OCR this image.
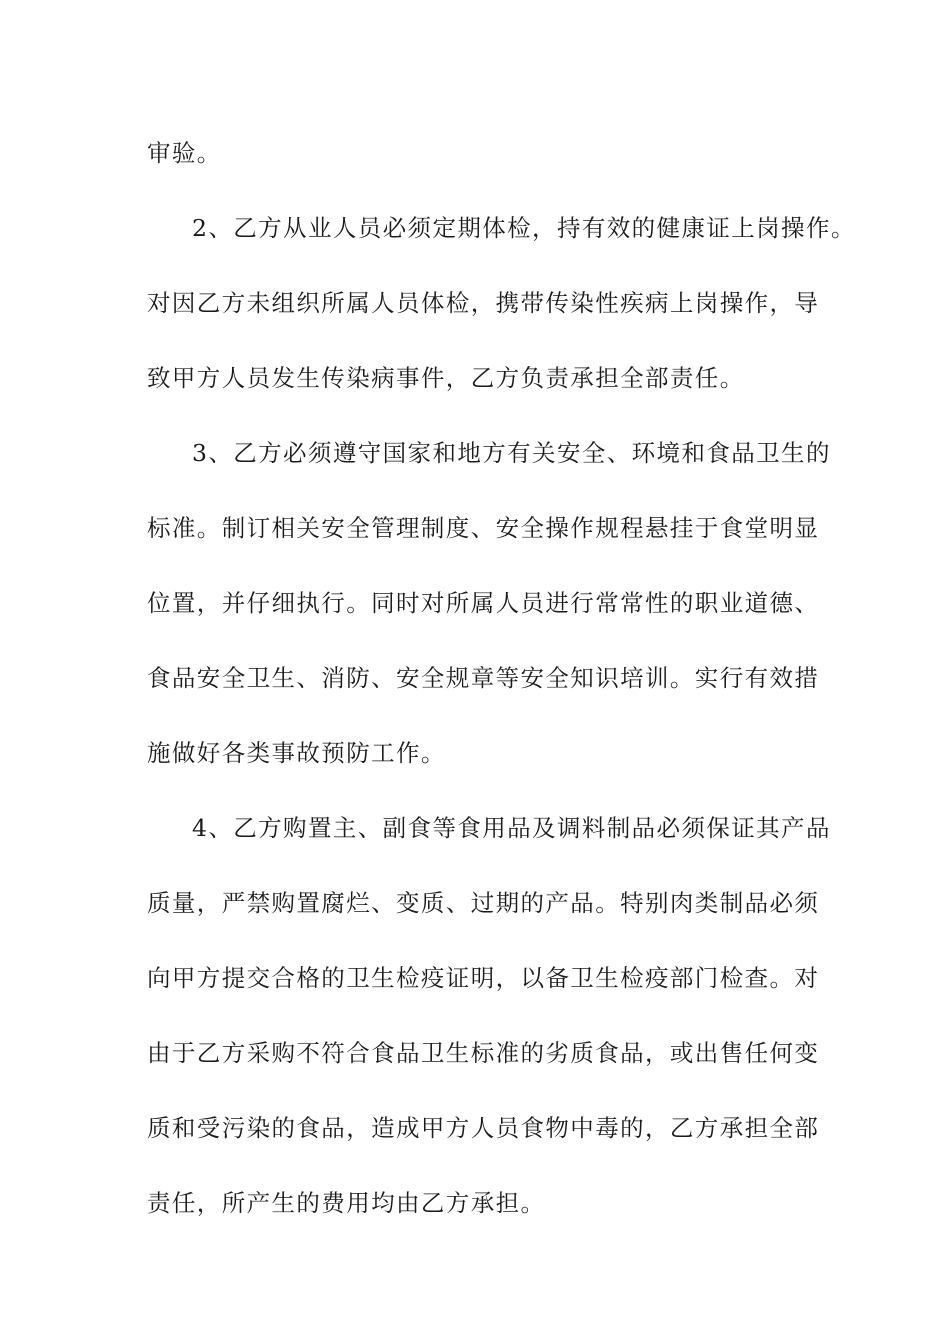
审验。
2、乙方从业人员必须定期体检，持有效的健康证上岗操作。
对因乙方未组织所属人员体检，携带传染性疾病上岗操作，导
致甲方人员发生传染病事件，乙方负责承担全部责任。
3、乙方必须遵守国家和地方有关安全、环境和食品卫生的
标准。制订相关安全管理制度、安全操作规程悬挂于食堂明显
位置，并仔细执行。同时对所属人员进行常常性的职业道德、
食品安全卫生、消防、安全规章等安全知识培训。实行有效措
施做好各类事故预防工作。
4、乙方购置主、副食等食用品及调料制品必须保证其产品
质量，严禁购置腐烂、变质、过期的产品。特别肉类制品必须
向甲方提交合格的卫生检疫证明，以备卫生检疫部门检查。对
由于乙方采购不符合食品卫生标准的劣质食品，或出售任何变
质和受污染的食品，造成甲方人员食物中毒的，乙方承担全部
责任，所产生的费用均由乙方承担。
